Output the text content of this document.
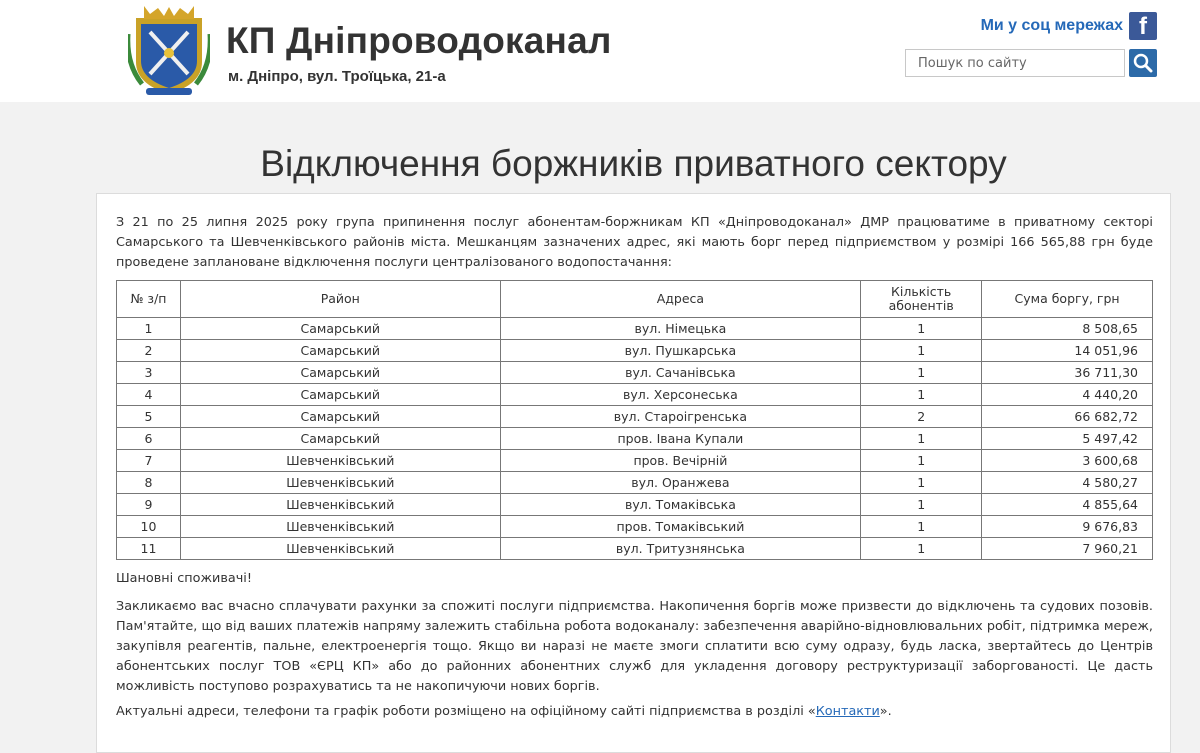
КП Дніпроводоканал
м. Дніпро, вул. Троїцька, 21-а
Ми у соц мережах f
Пошук по сайту
Відключення боржників приватного сектору
З 21 по 25 липня 2025 року група припинення послуг абонентам-боржникам КП «Дніпроводоканал» ДМР працюватиме в приватному секторі Самарського та Шевченківського районів міста. Мешканцям зазначених адрес, які мають борг перед підприємством у розмірі 166 565,88 грн буде проведене заплановане відключення послуги централізованого водопостачання:
№ з/п	Район	Адреса	Кількість абонентів	Сума боргу, грн
1	Самарський	вул. Німецька	1	8 508,65
2	Самарський	вул. Пушкарська	1	14 051,96
3	Самарський	вул. Сачанівська	1	36 711,30
4	Самарський	вул. Херсонеська	1	4 440,20
5	Самарський	вул. Староігренська	2	66 682,72
6	Самарський	пров. Івана Купали	1	5 497,42
7	Шевченківський	пров. Вечірній	1	3 600,68
8	Шевченківський	вул. Оранжева	1	4 580,27
9	Шевченківський	вул. Томаківська	1	4 855,64
10	Шевченківський	пров. Томаківський	1	9 676,83
11	Шевченківський	вул. Тритузнянська	1	7 960,21
Шановні споживачі!
Закликаємо вас вчасно сплачувати рахунки за спожиті послуги підприємства. Накопичення боргів може призвести до відключень та судових позовів. Пам'ятайте, що від ваших платежів напряму залежить стабільна робота водоканалу: забезпечення аварійно-відновлювальних робіт, підтримка мереж, закупівля реагентів, пальне, електроенергія тощо. Якщо ви наразі не маєте змоги сплатити всю суму одразу, будь ласка, звертайтесь до Центрів абонентських послуг ТОВ «ЄРЦ КП» або до районних абонентних служб для укладення договору реструктуризації заборгованості. Це дасть можливість поступово розрахуватись та не накопичуючи нових боргів.
Актуальні адреси, телефони та графік роботи розміщено на офіційному сайті підприємства в розділі «Контакти».
